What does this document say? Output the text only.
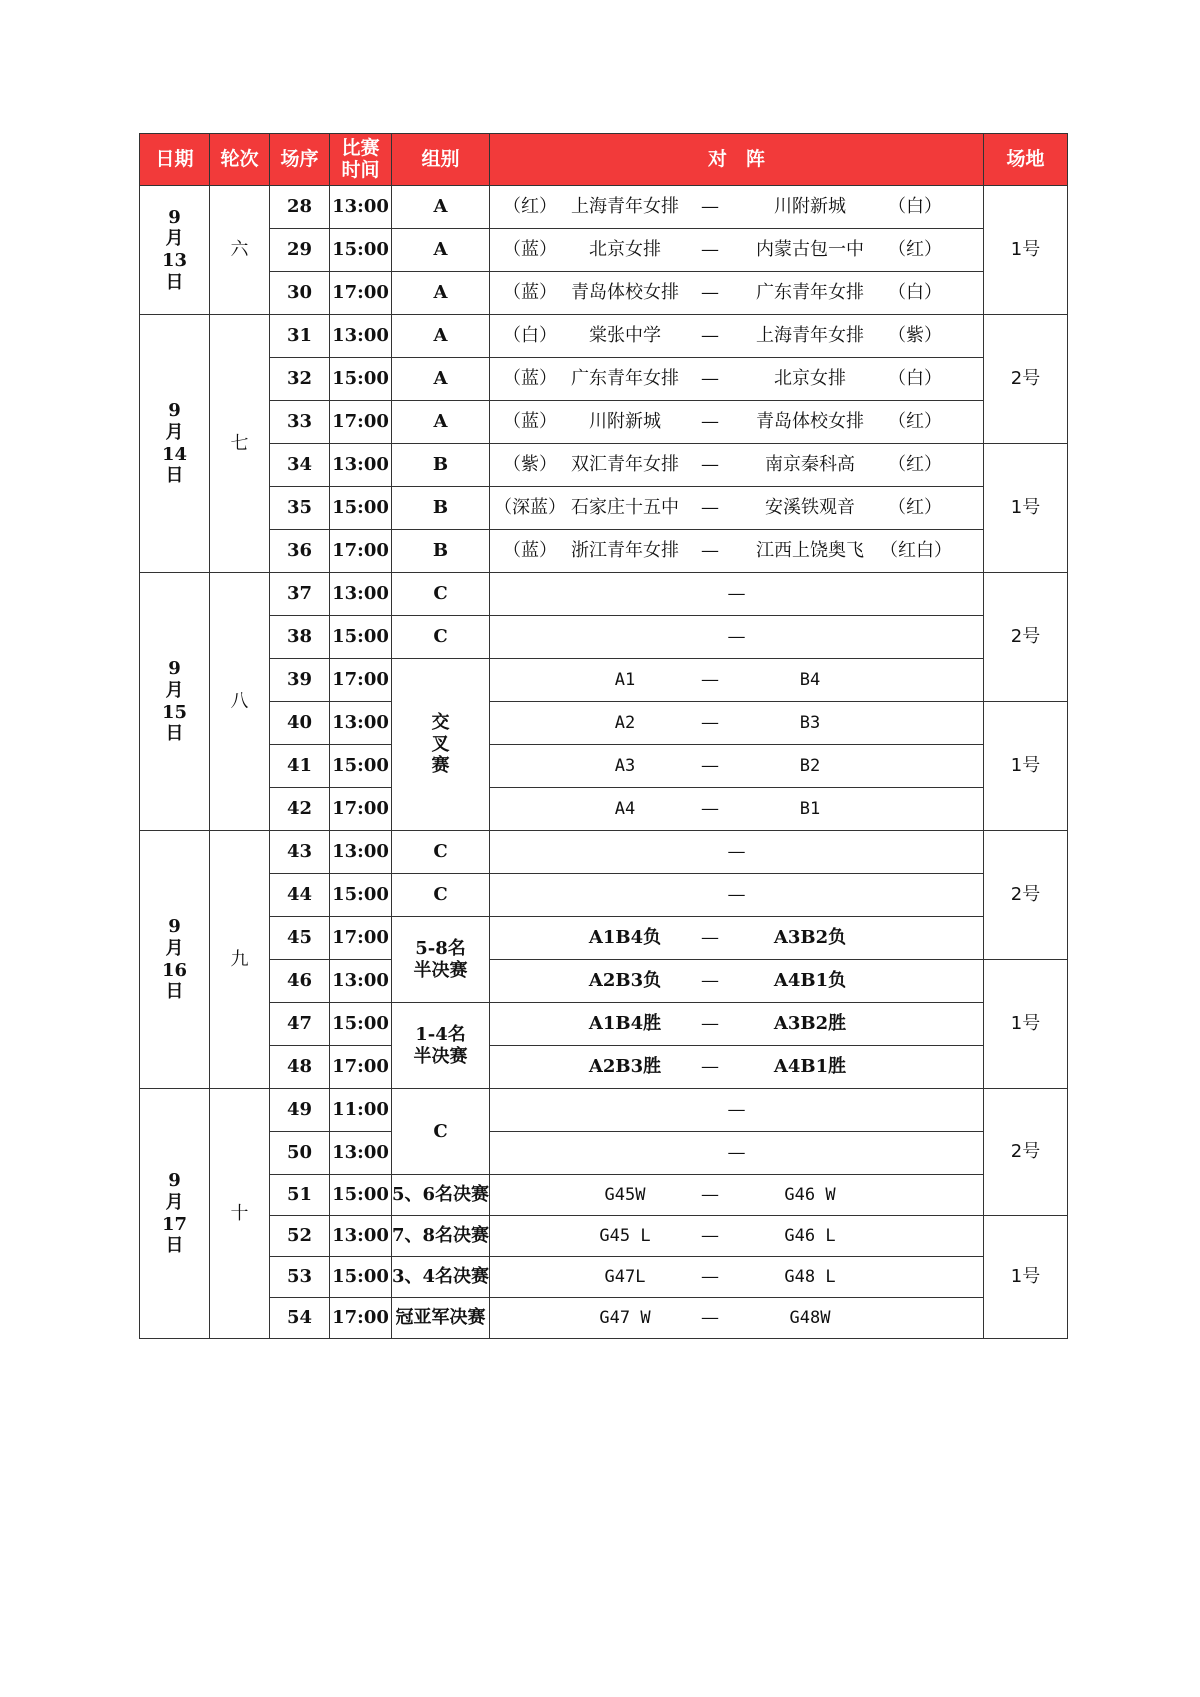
日期	轮次	场序	比赛
时间	组别	对　阵	场地

9
月
13
日	六	28	13:00	A	（红） 上海青年女排 — 川附新城 （白）	1号
		29	15:00	A	（蓝） 北京女排 — 内蒙古包一中 （红）	

		30	17:00	A	（蓝） 青岛体校女排 — 广东青年女排 （白）	

9
月
14
日	七	31	13:00	A	（白） 棠张中学 — 上海青年女排 （紫）	2号
		32	15:00	A	（蓝） 广东青年女排 — 北京女排 （白）	

		33	17:00	A	（蓝） 川附新城 — 青岛体校女排 （红）	

		34	13:00	B	（紫） 双汇青年女排 — 南京秦科高 （红）	1号
		35	15:00	B	（深蓝） 石家庄十五中 — 安溪铁观音 （红）	

		36	17:00	B	（蓝） 浙江青年女排 — 江西上饶奥飞 （红白）	

9
月
15
日	八	37	13:00	C	—	2号
		38	15:00	C	—	

		39	17:00	交
叉
赛	A1 — B4	

		40	13:00		A2 — B3	1号
		41	15:00		A3 — B2	

		42	17:00		A4 — B1	

9
月
16
日	九	43	13:00	C	—	2号
		44	15:00	C	—	

		45	17:00	5-8名
半决赛	A1B4负 — A3B2负	

		46	13:00		A2B3负 — A4B1负	1号
		47	15:00	1-4名
半决赛	A1B4胜 — A3B2胜	

		48	17:00		A2B3胜 — A4B1胜	

9
月
17
日	十	49	11:00	C	—	2号
		50	13:00		—	

		51	15:00	5、6名决赛	G45W — G46 W	

		52	13:00	7、8名决赛	G45 L — G46 L	1号
		53	15:00	3、4名决赛	G47L — G48 L	

		54	17:00	冠亚军决赛	G47 W — G48W	
